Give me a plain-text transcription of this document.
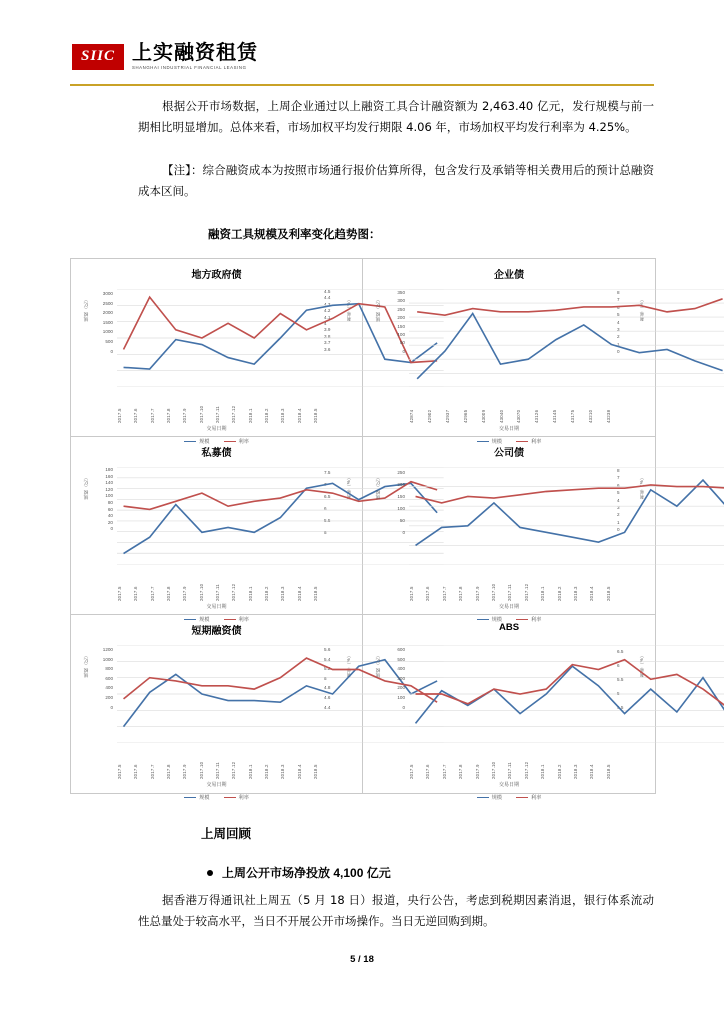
SIIC 上实融资租赁
SHANGHAI INDUSTRIAL FINANCIAL LEASING
根据公开市场数据，上周企业通过以上融资工具合计融资额为 2,463.40 亿元，发行规模与前一期相比明显增加。总体来看，市场加权平均发行期限 4.06 年，市场加权平均发行利率为 4.25%。
【注】：综合融资成本为按照市场通行报价估算所得，包含发行及承销等相关费用后的预计总融资成本区间。
融资工具规模及利率变化趋势图：
地方政府债
规模（亿）	利率（%）
3000
2500
2000
1500
1000
500
0
4.5
4.4
4.3
4.2
4.1
4
3.9
3.8
3.7
3.6
2017.5	2017.6	2017.7	2017.8	2017.9	2017.10	2017.11	2017.12	2018.1	2018.2	2018.3	2018.4	2018.5
交易日期
规模	利率
企业债
规模（亿）	利率（%）
350
300
250
200
150
100
50
0
8
7
6
5
4
3
2
1
0
42874	42902	42937	42965	43009	43040	43070	43126	43145	43175	43210	43238
交易日期
规模	利率
私募债
规模（亿）	利率（%）
180
160
140
120
100
80
60
40
20
0
7.5
7
6.5
6
5.5
5
2017.5	2017.6	2017.7	2017.8	2017.9	2017.10	2017.11	2017.12	2018.1	2018.2	2018.3	2018.4	2018.5
交易日期
规模	利率
公司债
规模（亿）	利率（%）
250
200
150
100
50
0
8
7
6
5
4
3
2
1
0
2017.5	2017.6	2017.7	2017.8	2017.9	2017.10	2017.11	2017.12	2018.1	2018.2	2018.3	2018.4	2018.5
交易日期
规模	利率
短期融资债
规模（亿）	利率（%）
1200
1000
800
600
400
200
0
5.6
5.4
5.2
5
4.8
4.6
4.4
2017.5	2017.6	2017.7	2017.8	2017.9	2017.10	2017.11	2017.12	2018.1	2018.2	2018.3	2018.4	2018.5
交易日期
规模	利率
ABS
规模（亿）	利率（%）
600
500
400
300
200
100
0
6.5
6
5.5
5
4.5
2017.5	2017.6	2017.7	2017.8	2017.9	2017.10	2017.11	2017.12	2018.1	2018.2	2018.3	2018.4	2018.5
交易日期
规模	利率
上周回顾
上周公开市场净投放 4,100 亿元
据香港万得通讯社上周五（5 月 18 日）报道，央行公告，考虑到税期因素消退，银行体系流动性总量处于较高水平，当日不开展公开市场操作。当日无逆回购到期。
5 / 18
